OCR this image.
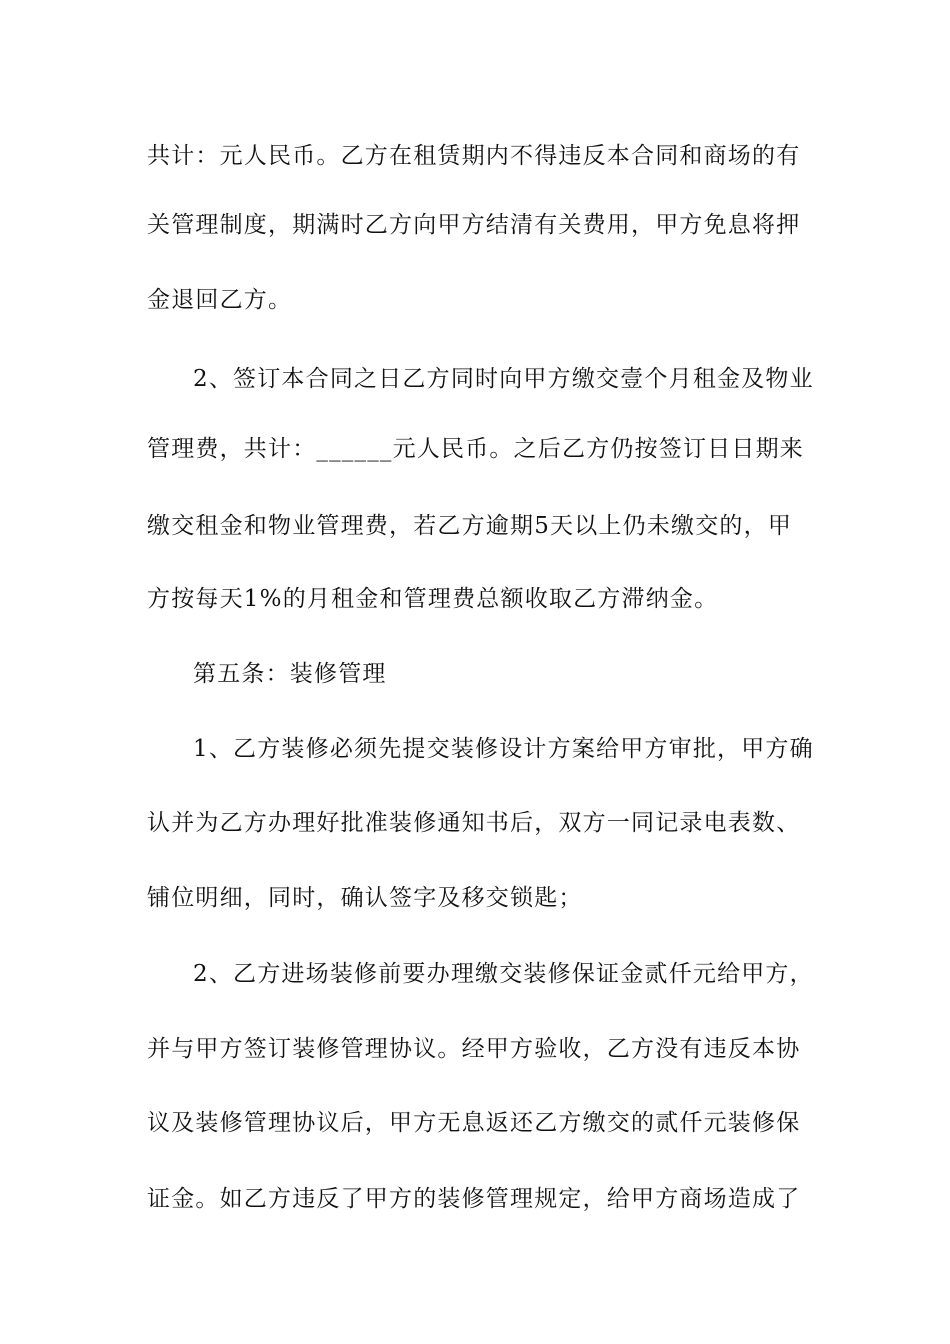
共计：元人民币。乙方在租赁期内不得违反本合同和商场的有
关管理制度，期满时乙方向甲方结清有关费用，甲方免息将押
金退回乙方。
2、签订本合同之日乙方同时向甲方缴交壹个月租金及物业
管理费，共计：______元人民币。之后乙方仍按签订日日期来
缴交租金和物业管理费，若乙方逾期5天以上仍未缴交的，甲
方按每天1%的月租金和管理费总额收取乙方滞纳金。
第五条：装修管理
1、乙方装修必须先提交装修设计方案给甲方审批，甲方确
认并为乙方办理好批准装修通知书后，双方一同记录电表数、
铺位明细，同时，确认签字及移交锁匙；
2、乙方进场装修前要办理缴交装修保证金贰仟元给甲方，
并与甲方签订装修管理协议。经甲方验收，乙方没有违反本协
议及装修管理协议后，甲方无息返还乙方缴交的贰仟元装修保
证金。如乙方违反了甲方的装修管理规定，给甲方商场造成了
